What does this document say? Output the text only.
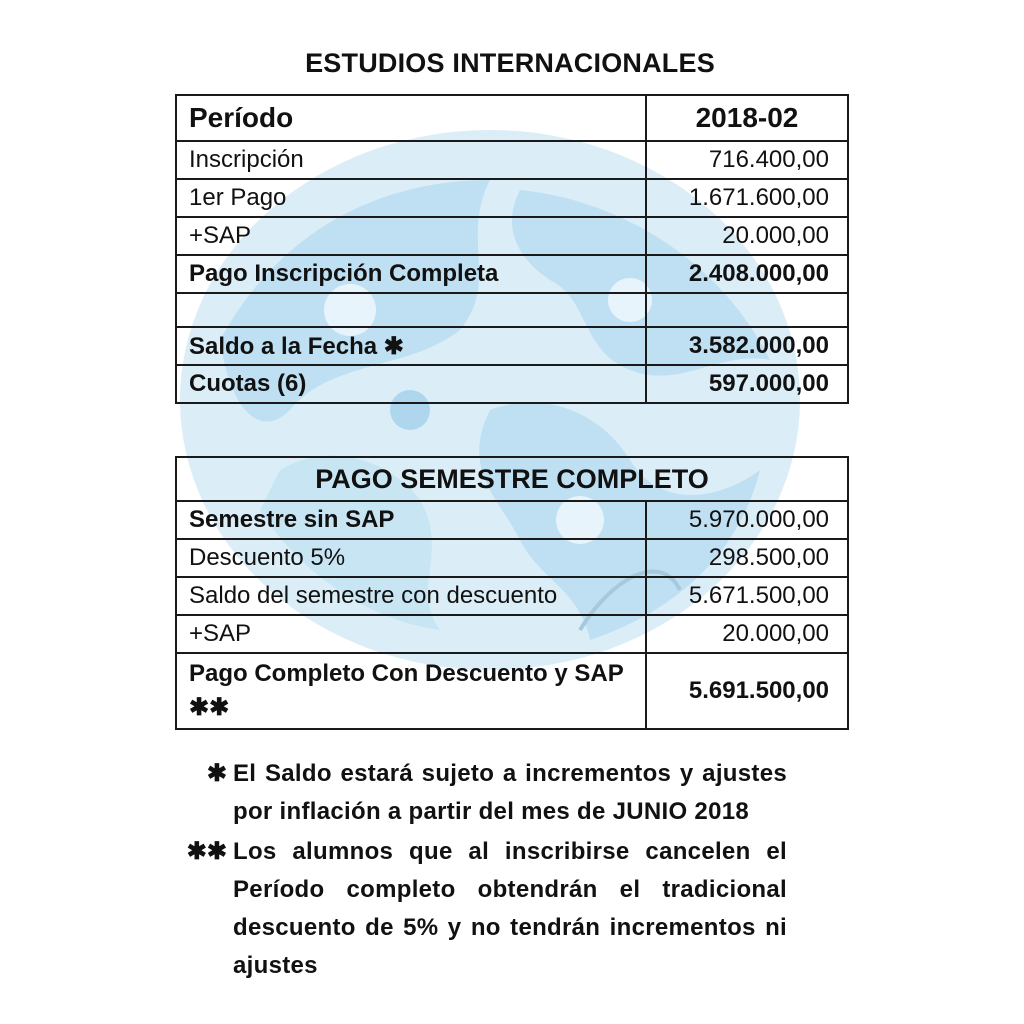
ESTUDIOS INTERNACIONALES
Período	2018-02
Inscripción	716.400,00
1er Pago	1.671.600,00
+SAP	20.000,00
Pago Inscripción Completa	2.408.000,00

Saldo a la Fecha ✱	3.582.000,00
Cuotas (6)	597.000,00
PAGO SEMESTRE COMPLETO	
Semestre sin SAP	5.970.000,00
Descuento 5%	298.500,00
Saldo del semestre con descuento	5.671.500,00
+SAP	20.000,00
Pago Completo Con Descuento y SAP ✱✱	5.691.500,00
✱ El Saldo estará sujeto a incrementos y ajustes por inflación a partir del mes de JUNIO 2018
✱✱ Los alumnos que al inscribirse cancelen el Período completo obtendrán el tradicional descuento de 5% y no tendrán incrementos ni ajustes
